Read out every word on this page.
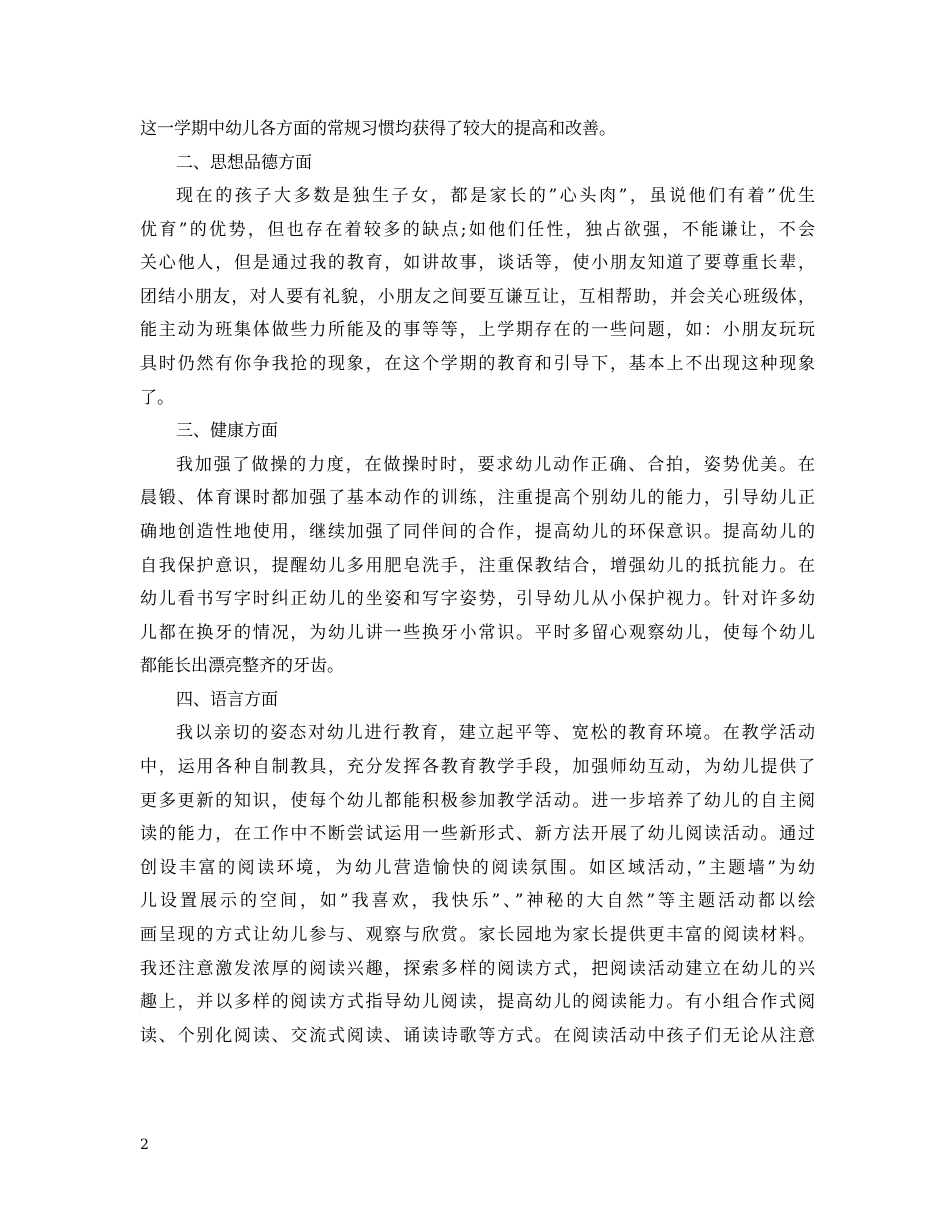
这一学期中幼儿各方面的常规习惯均获得了较大的提高和改善。
二、思想品德方面
现在的孩子大多数是独生子女，都是家长的”心头肉”，虽说他们有着”优生
优育”的优势，但也存在着较多的缺点;如他们任性，独占欲强，不能谦让，不会
关心他人，但是通过我的教育，如讲故事，谈话等，使小朋友知道了要尊重长辈，
团结小朋友，对人要有礼貌，小朋友之间要互谦互让，互相帮助，并会关心班级体，
能主动为班集体做些力所能及的事等等，上学期存在的一些问题，如：小朋友玩玩
具时仍然有你争我抢的现象，在这个学期的教育和引导下，基本上不出现这种现象
了。
三、健康方面
我加强了做操的力度，在做操时时，要求幼儿动作正确、合拍，姿势优美。在
晨锻、体育课时都加强了基本动作的训练，注重提高个别幼儿的能力，引导幼儿正
确地创造性地使用，继续加强了同伴间的合作，提高幼儿的环保意识。提高幼儿的
自我保护意识，提醒幼儿多用肥皂洗手，注重保教结合，增强幼儿的抵抗能力。在
幼儿看书写字时纠正幼儿的坐姿和写字姿势，引导幼儿从小保护视力。针对许多幼
儿都在换牙的情况，为幼儿讲一些换牙小常识。平时多留心观察幼儿，使每个幼儿
都能长出漂亮整齐的牙齿。
四、语言方面
我以亲切的姿态对幼儿进行教育，建立起平等、宽松的教育环境。在教学活动
中，运用各种自制教具，充分发挥各教育教学手段，加强师幼互动，为幼儿提供了
更多更新的知识，使每个幼儿都能积极参加教学活动。进一步培养了幼儿的自主阅
读的能力，在工作中不断尝试运用一些新形式、新方法开展了幼儿阅读活动。通过
创设丰富的阅读环境，为幼儿营造愉快的阅读氛围。如区域活动，”主题墙”为幼
儿设置展示的空间，如”我喜欢，我快乐”、”神秘的大自然”等主题活动都以绘
画呈现的方式让幼儿参与、观察与欣赏。家长园地为家长提供更丰富的阅读材料。
我还注意激发浓厚的阅读兴趣，探索多样的阅读方式，把阅读活动建立在幼儿的兴
趣上，并以多样的阅读方式指导幼儿阅读，提高幼儿的阅读能力。有小组合作式阅
读、个别化阅读、交流式阅读、诵读诗歌等方式。在阅读活动中孩子们无论从注意
2
